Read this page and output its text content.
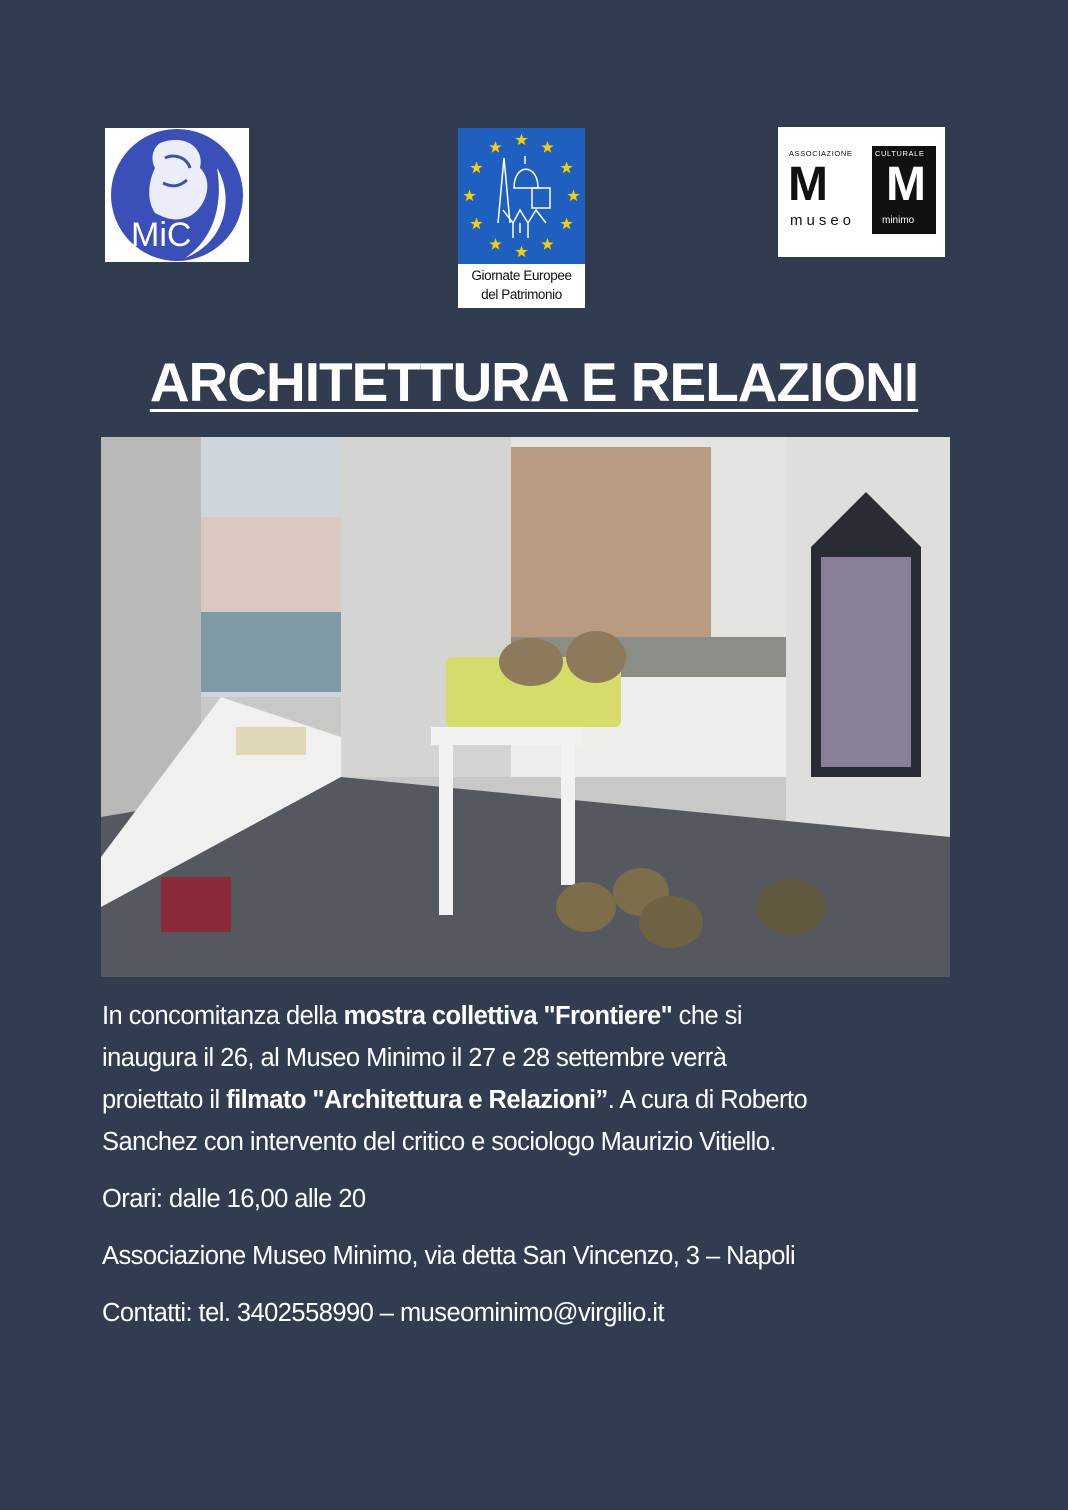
MiC
Giornate Europee
del Patrimonio
ASSOCIAZIONE	CULTURALE
M M
museo	minimo
ARCHITETTURA E RELAZIONI
In concomitanza della mostra collettiva "Frontiere" che si
inaugura il 26, al Museo Minimo il 27 e 28 settembre verrà
proiettato il filmato "Architettura e Relazioni”. A cura di Roberto
Sanchez con intervento del critico e sociologo Maurizio Vitiello.
Orari: dalle 16,00 alle 20
Associazione Museo Minimo, via detta San Vincenzo, 3 – Napoli
Contatti: tel. 3402558990 – museominimo@virgilio.it
